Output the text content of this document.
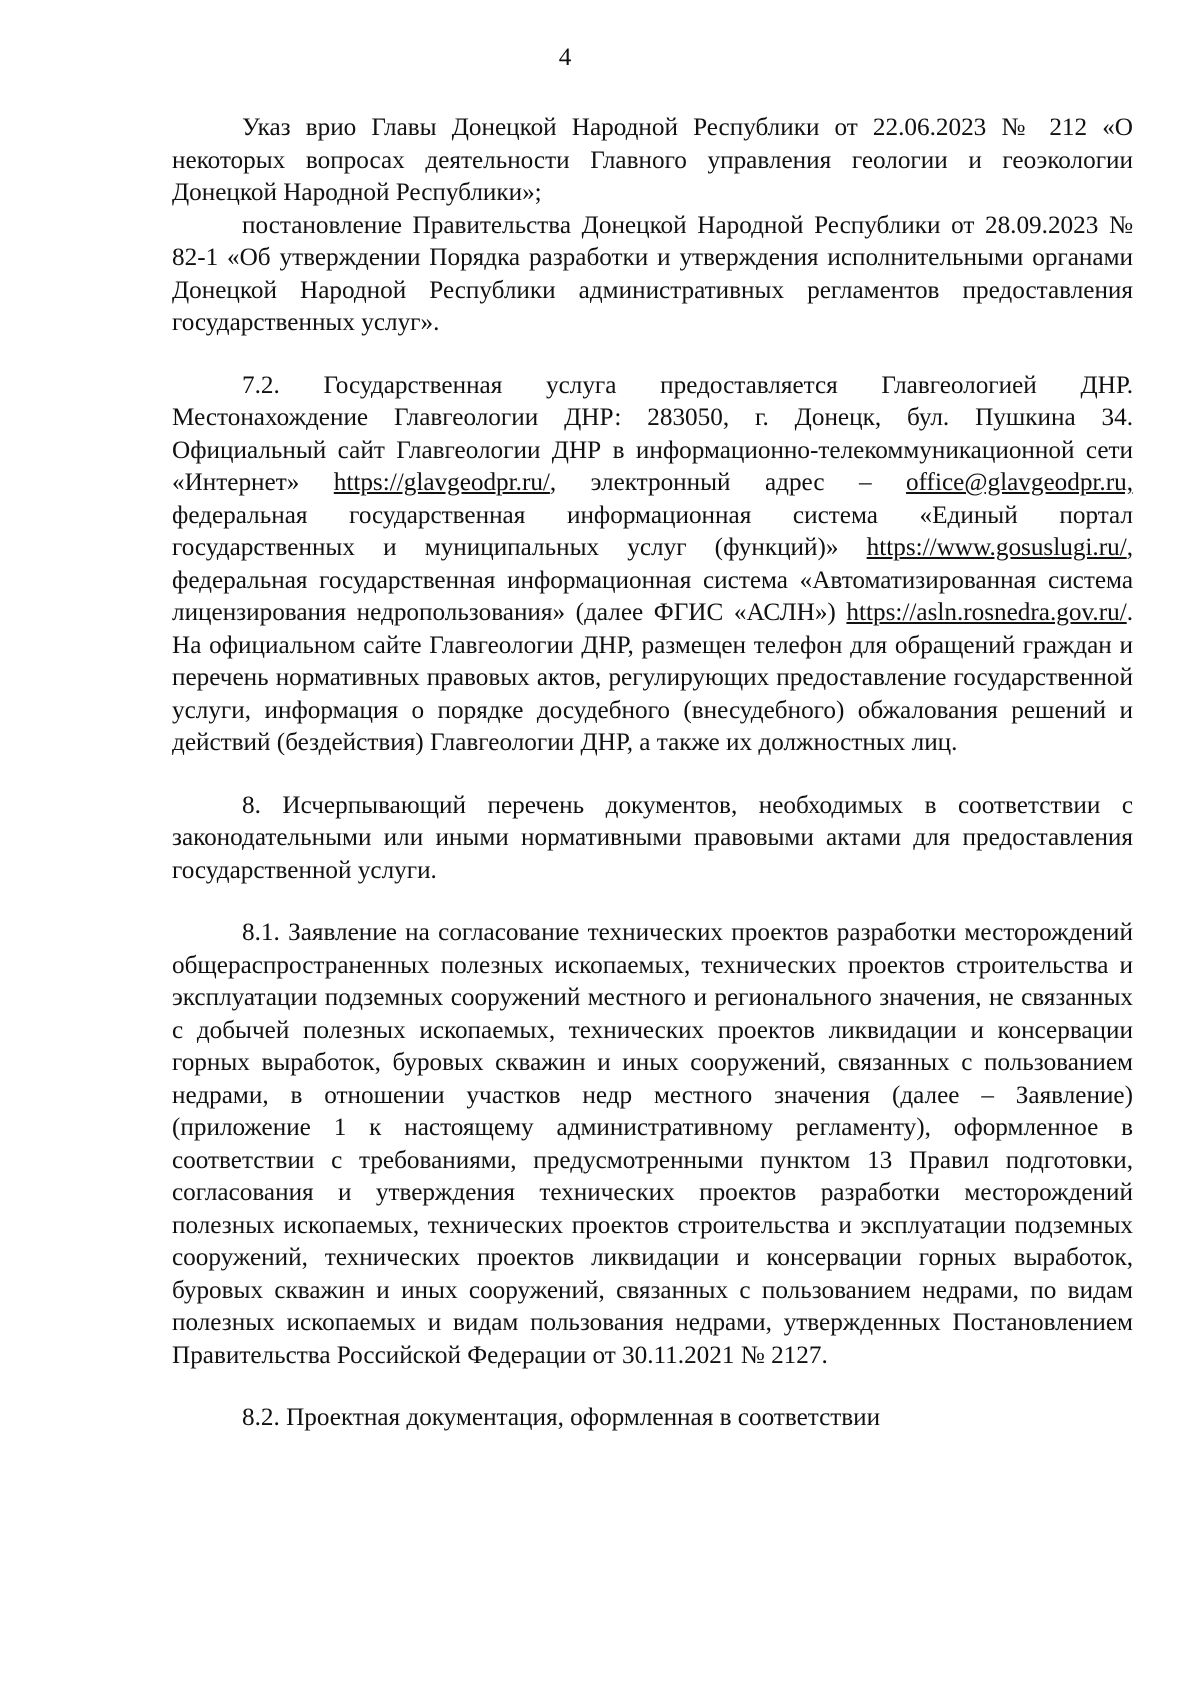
4

Указ врио Главы Донецкой Народной Республики от 22.06.2023 № 212 «О некоторых вопросах деятельности Главного управления геологии и геоэкологии Донецкой Народной Республики»;

постановление Правительства Донецкой Народной Республики от 28.09.2023 № 82-1 «Об утверждении Порядка разработки и утверждения исполнительными органами Донецкой Народной Республики административных регламентов предоставления государственных услуг».

7.2. Государственная услуга предоставляется Главгеологией ДНР. Местонахождение Главгеологии ДНР: 283050, г. Донецк, бул. Пушкина 34. Официальный сайт Главгеологии ДНР в информационно-телекоммуникационной сети «Интернет» https://glavgeodpr.ru/, электронный адрес – office@glavgeodpr.ru, федеральная государственная информационная система «Единый портал государственных и муниципальных услуг (функций)» https://www.gosuslugi.ru/, федеральная государственная информационная система «Автоматизированная система лицензирования недропользования» (далее ФГИС «АСЛН») https://asln.rosnedra.gov.ru/. На официальном сайте Главгеологии ДНР, размещен телефон для обращений граждан и перечень нормативных правовых актов, регулирующих предоставление государственной услуги, информация о порядке досудебного (внесудебного) обжалования решений и действий (бездействия) Главгеологии ДНР, а также их должностных лиц.

8. Исчерпывающий перечень документов, необходимых в соответствии с законодательными или иными нормативными правовыми актами для предоставления государственной услуги.

8.1. Заявление на согласование технических проектов разработки месторождений общераспространенных полезных ископаемых, технических проектов строительства и эксплуатации подземных сооружений местного и регионального значения, не связанных с добычей полезных ископаемых, технических проектов ликвидации и консервации горных выработок, буровых скважин и иных сооружений, связанных с пользованием недрами, в отношении участков недр местного значения (далее – Заявление) (приложение 1 к настоящему административному регламенту), оформленное в соответствии с требованиями, предусмотренными пунктом 13 Правил подготовки, согласования и утверждения технических проектов разработки месторождений полезных ископаемых, технических проектов строительства и эксплуатации подземных сооружений, технических проектов ликвидации и консервации горных выработок, буровых скважин и иных сооружений, связанных с пользованием недрами, по видам полезных ископаемых и видам пользования недрами, утвержденных Постановлением Правительства Российской Федерации от 30.11.2021 № 2127.

8.2. Проектная документация, оформленная в соответствии
